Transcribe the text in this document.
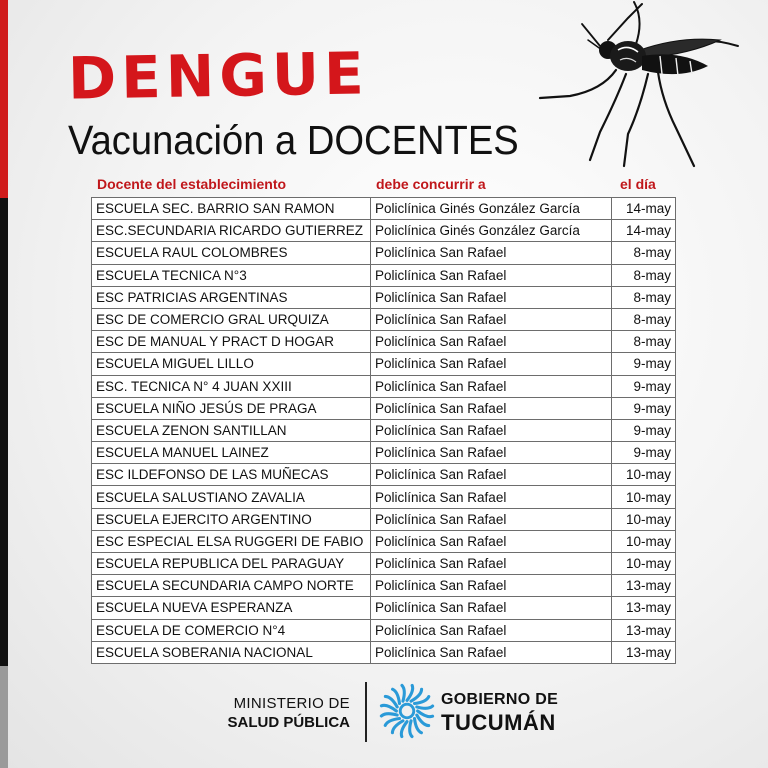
DENGUE
Vacunación a DOCENTES
Docente del establecimiento	debe concurrir a	el día
ESCUELA SEC. BARRIO SAN RAMON	Policlínica Ginés González García	14-may
ESC.SECUNDARIA RICARDO GUTIERREZ	Policlínica Ginés González García	14-may
ESCUELA RAUL COLOMBRES	Policlínica San Rafael	8-may
ESCUELA TECNICA N°3	Policlínica San Rafael	8-may
ESC PATRICIAS ARGENTINAS	Policlínica San Rafael	8-may
ESC DE COMERCIO GRAL URQUIZA	Policlínica San Rafael	8-may
ESC DE MANUAL Y PRACT D HOGAR	Policlínica San Rafael	8-may
ESCUELA MIGUEL LILLO	Policlínica San Rafael	9-may
ESC. TECNICA N° 4 JUAN XXIII	Policlínica San Rafael	9-may
ESCUELA NIÑO JESÚS DE PRAGA	Policlínica San Rafael	9-may
ESCUELA ZENON SANTILLAN	Policlínica San Rafael	9-may
ESCUELA MANUEL LAINEZ	Policlínica San Rafael	9-may
ESC ILDEFONSO DE LAS MUÑECAS	Policlínica San Rafael	10-may
ESCUELA SALUSTIANO ZAVALIA	Policlínica San Rafael	10-may
ESCUELA EJERCITO ARGENTINO	Policlínica San Rafael	10-may
ESC ESPECIAL ELSA RUGGERI DE FABIO	Policlínica San Rafael	10-may
ESCUELA REPUBLICA DEL PARAGUAY	Policlínica San Rafael	10-may
ESCUELA SECUNDARIA CAMPO NORTE	Policlínica San Rafael	13-may
ESCUELA NUEVA ESPERANZA	Policlínica San Rafael	13-may
ESCUELA DE COMERCIO N°4	Policlínica San Rafael	13-may
ESCUELA SOBERANIA NACIONAL	Policlínica San Rafael	13-may
MINISTERIO DE
SALUD PÚBLICA
GOBIERNO DE
TUCUMÁN
